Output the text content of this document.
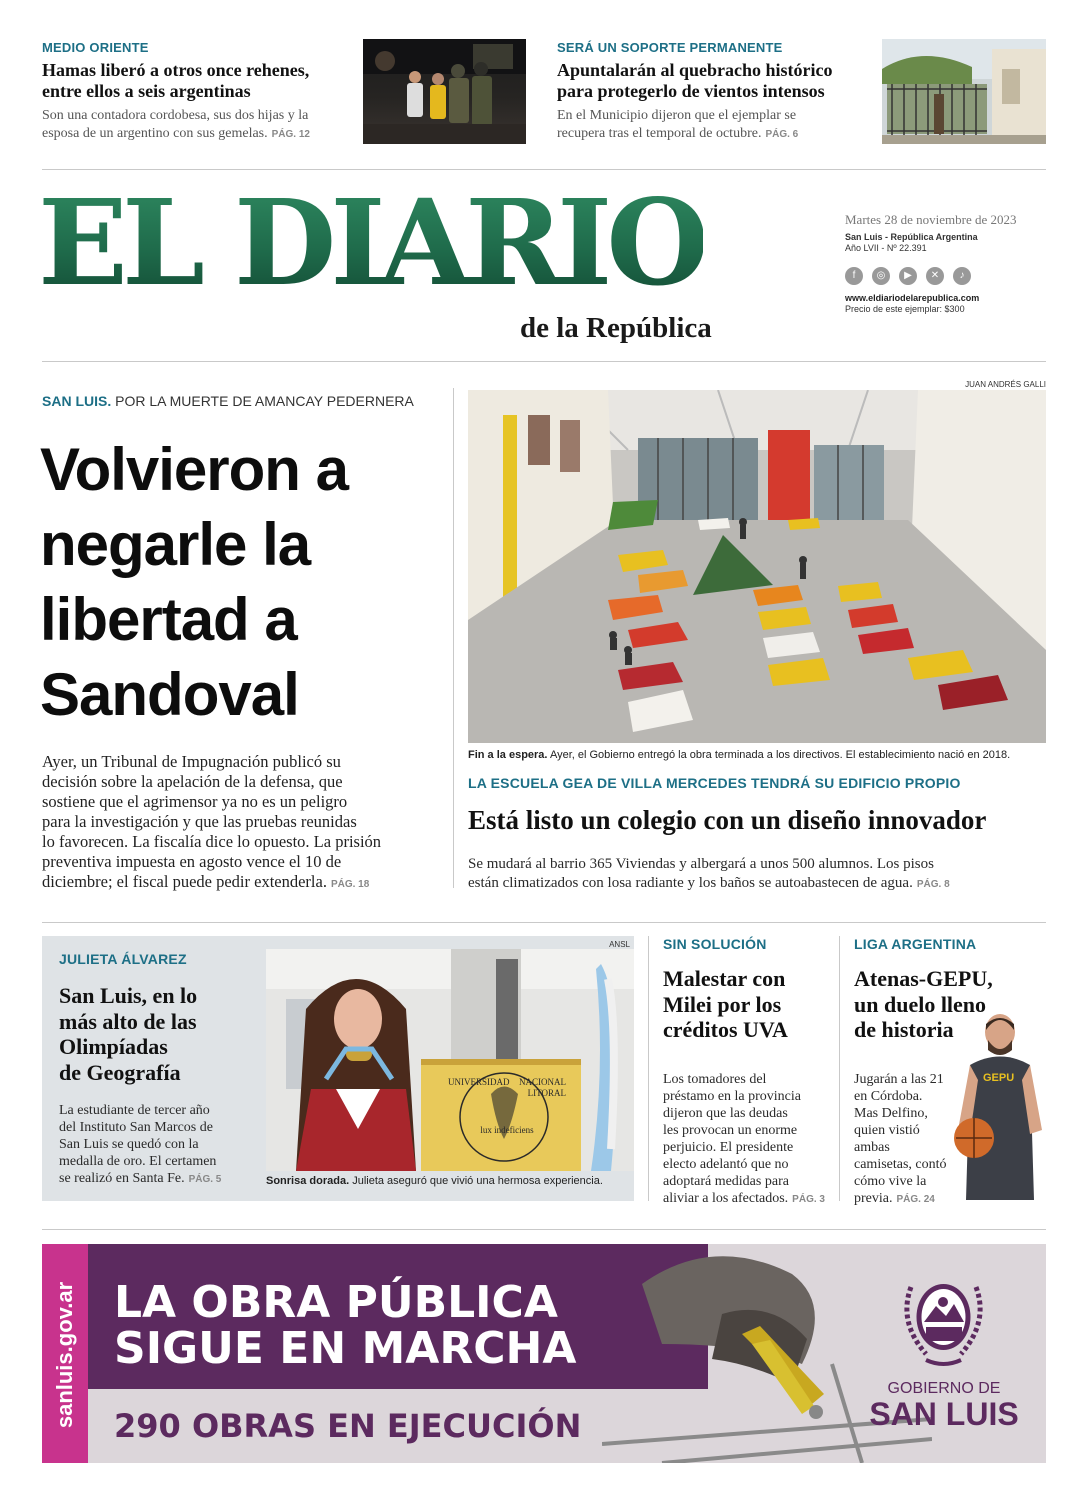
MEDIO ORIENTE
Hamas liberó a otros once rehenes,
entre ellos a seis argentinas
Son una contadora cordobesa, sus dos hijas y la
esposa de un argentino con sus gemelas. PÁG. 12
SERÁ UN SOPORTE PERMANENTE
Apuntalarán al quebracho histórico
para protegerlo de vientos intensos
En el Municipio dijeron que el ejemplar se
recupera tras el temporal de octubre. PÁG. 6
EL DIARIO
de la República
Martes 28 de noviembre de 2023
San Luis - República Argentina
Año LVII - Nº 22.391
f ◎ ▶ ✕ ♪
www.eldiariodelarepublica.com
Precio de este ejemplar: $300
SAN LUIS. POR LA MUERTE DE AMANCAY PEDERNERA
Volvieron a
negarle la
libertad a
Sandoval
Ayer, un Tribunal de Impugnación publicó su
decisión sobre la apelación de la defensa, que
sostiene que el agrimensor ya no es un peligro
para la investigación y que las pruebas reunidas
lo favorecen. La fiscalía dice lo opuesto. La prisión
preventiva impuesta en agosto vence el 10 de
diciembre; el fiscal puede pedir extenderla. PÁG. 18
JUAN ANDRÉS GALLI
Fin a la espera. Ayer, el Gobierno entregó la obra terminada a los directivos. El establecimiento nació en 2018.
LA ESCUELA GEA DE VILLA MERCEDES TENDRÁ SU EDIFICIO PROPIO
Está listo un colegio con un diseño innovador
Se mudará al barrio 365 Viviendas y albergará a unos 500 alumnos. Los pisos
están climatizados con losa radiante y los baños se autoabastecen de agua. PÁG. 8
JULIETA ÁLVAREZ
San Luis, en lo
más alto de las
Olimpíadas
de Geografía
La estudiante de tercer año
del Instituto San Marcos de
San Luis se quedó con la
medalla de oro. El certamen
se realizó en Santa Fe. PÁG. 5
ANSL
UNIVERSIDAD NACIONAL
LITORAL
lux indeficiens
Sonrisa dorada. Julieta aseguró que vivió una hermosa experiencia.
SIN SOLUCIÓN
Malestar con
Milei por los
créditos UVA
Los tomadores del
préstamo en la provincia
dijeron que las deudas
les provocan un enorme
perjuicio. El presidente
electo adelantó que no
adoptará medidas para
aliviar a los afectados. PÁG. 3
LIGA ARGENTINA
Atenas-GEPU,
un duelo lleno
de historia
GEPU
Jugarán a las 21
en Córdoba.
Mas Delfino,
quien vistió
ambas
camisetas, contó
cómo vive la
previa. PÁG. 24
sanluis.gov.ar LA OBRA PÚBLICA
SIGUE EN MARCHA
290 OBRAS EN EJECUCIÓN
GOBIERNO DE
SAN LUIS
